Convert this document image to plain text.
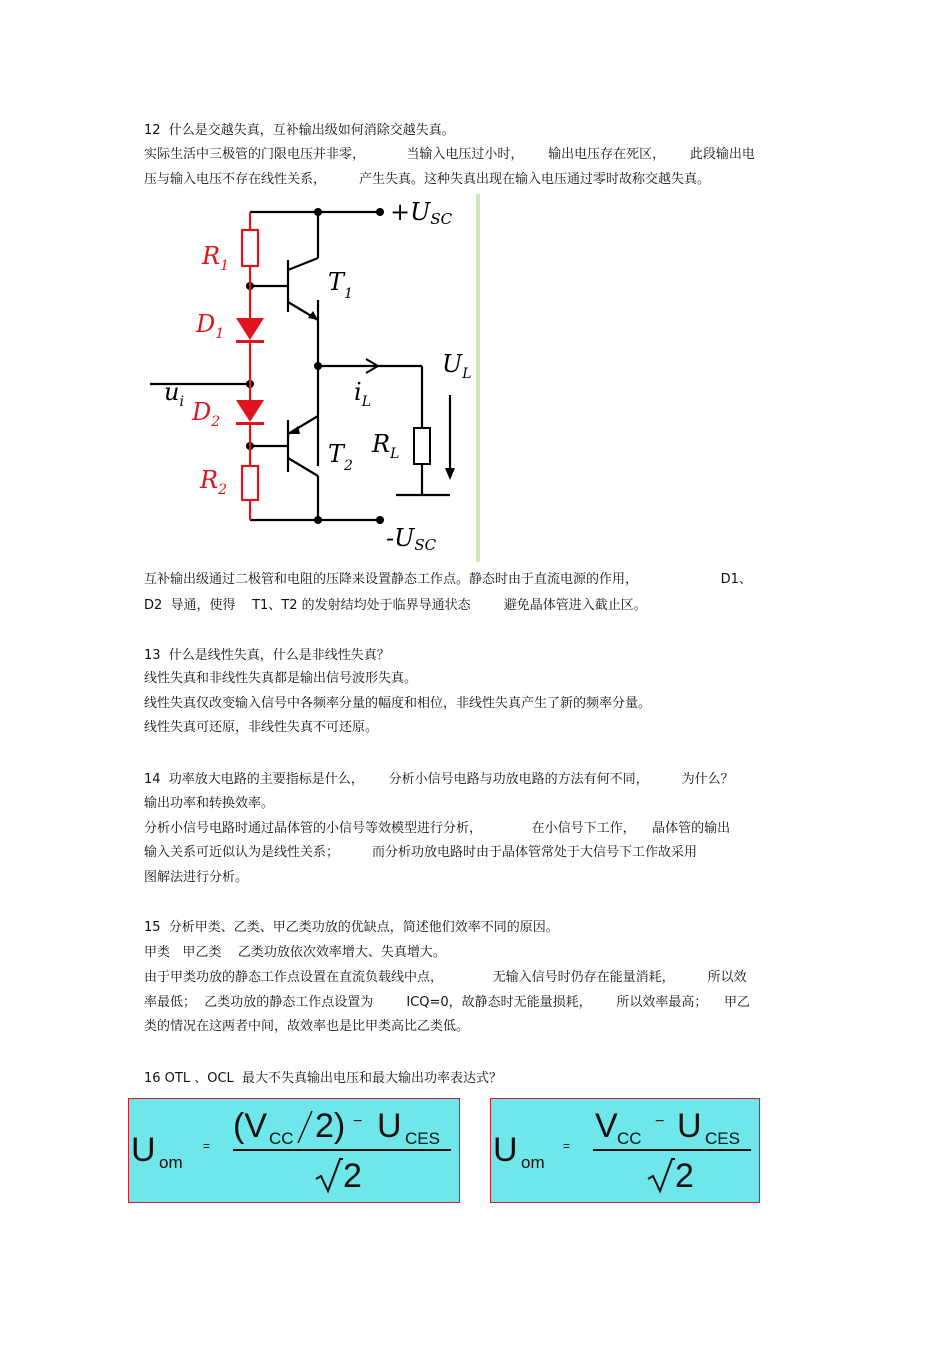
12  什么是交越失真，互补输出级如何消除交越失真。
实际生活中三极管的门限电压并非零，          当输入电压过小时，      输出电压存在死区，      此段输出电
压与输入电压不存在线性关系，        产生失真。这种失真出现在输入电压通过零时故称交越失真。
+USC
-USC
$R_1$
$D_1$
$D_2$
$R_2$
$T_1$
$T_2$
$u_i$	$i_L$
$R_L$
$U_L$
互补输出级通过二极管和电阻的压降来设置静态工作点。静态时由于直流电源的作用，                    D1、
D2  导通，使得    T1、T2 的发射结均处于临界导通状态        避免晶体管进入截止区。
13  什么是线性失真，什么是非线性失真？
线性失真和非线性失真都是输出信号波形失真。
线性失真仅改变输入信号中各频率分量的幅度和相位，非线性失真产生了新的频率分量。
线性失真可还原，非线性失真不可还原。
14  功率放大电路的主要指标是什么，      分析小信号电路与功放电路的方法有何不同，        为什么？
输出功率和转换效率。
分析小信号电路时通过晶体管的小信号等效模型进行分析，            在小信号下工作，    晶体管的输出
输入关系可近似认为是线性关系；        而分析功放电路时由于晶体管常处于大信号下工作故采用
图解法进行分析。
15  分析甲类、乙类、甲乙类功放的优缺点，简述他们效率不同的原因。
甲类   甲乙类    乙类功放依次效率增大、失真增大。
由于甲类功放的静态工作点设置在直流负载线中点，            无输入信号时仍存在能量消耗，        所以效
率最低；  乙类功放的静态工作点设置为        ICQ=0，故静态时无能量损耗，      所以效率最高；    甲乙
类的情况在这两者中间，故效率也是比甲类高比乙类低。
16 OTL 、OCL  最大不失真输出电压和最大输出功率表达式？
U om
=
(V CC 2) − U CES
2
U om
=
V CC
− U CES
2
